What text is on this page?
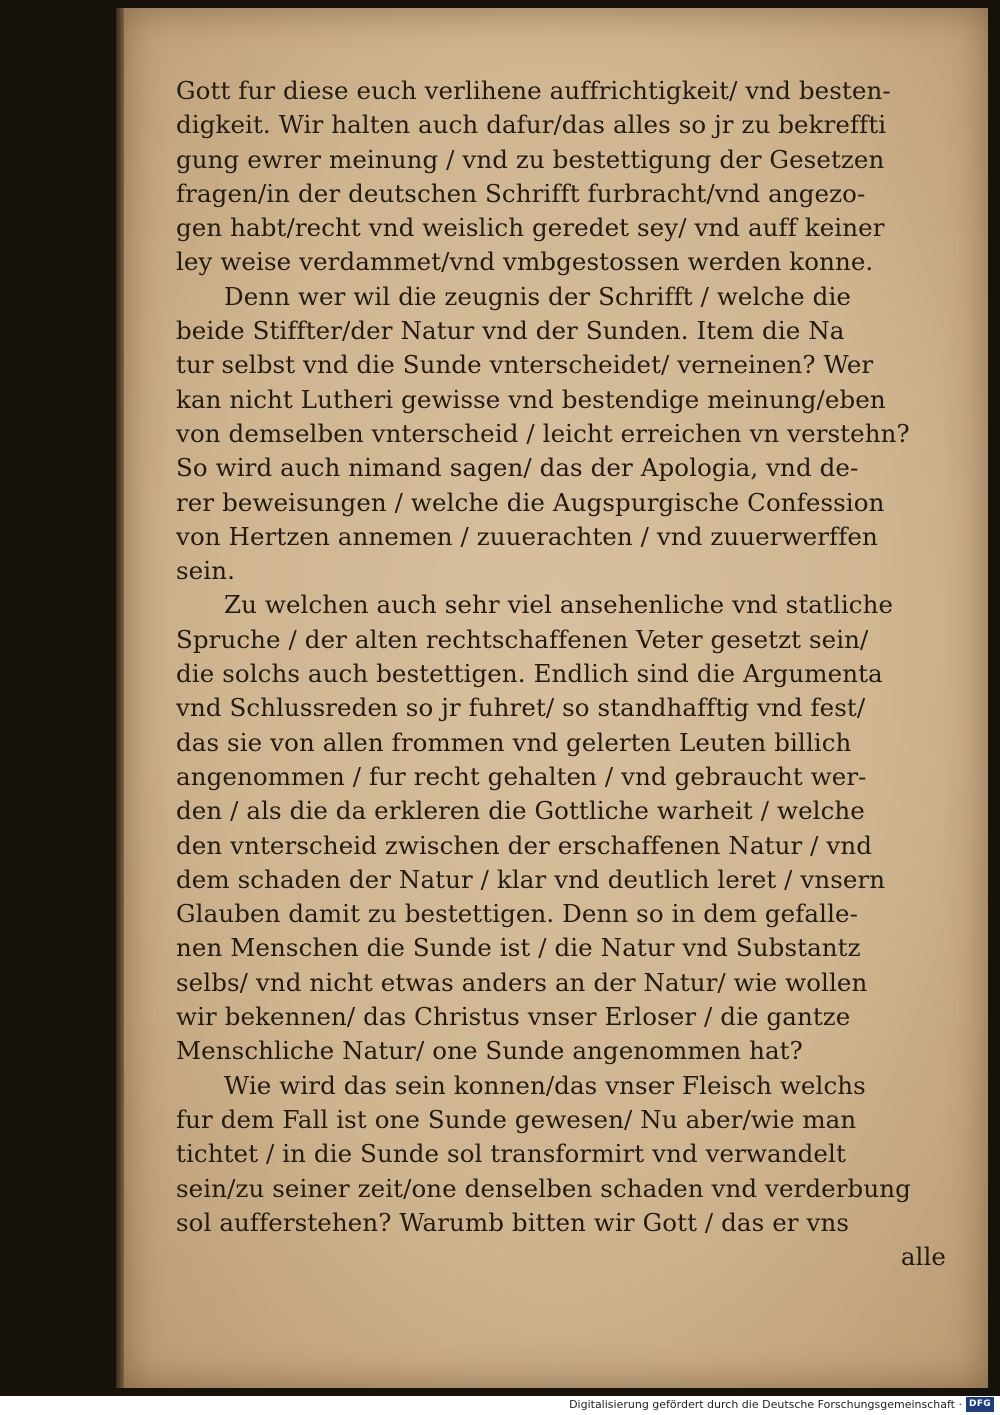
Gott fur diese euch verlihene auffrichtigkeit/ vnd besten-
digkeit. Wir halten auch dafur/das alles so jr zu bekreffti
gung ewrer meinung / vnd zu bestettigung der Gesetzen
fragen/in der deutschen Schrifft furbracht/vnd angezo-
gen habt/recht vnd weislich geredet sey/ vnd auff keiner
ley weise verdammet/vnd vmbgestossen werden konne.
Denn wer wil die zeugnis der Schrifft / welche die
beide Stiffter/der Natur vnd der Sunden. Item die Na
tur selbst vnd die Sunde vnterscheidet/ verneinen? Wer
kan nicht Lutheri gewisse vnd bestendige meinung/eben
von demselben vnterscheid / leicht erreichen vn verstehn?
So wird auch nimand sagen/ das der Apologia, vnd de-
rer beweisungen / welche die Augspurgische Confession
von Hertzen annemen / zuuerachten / vnd zuuerwerffen
sein.
Zu welchen auch sehr viel ansehenliche vnd statliche
Spruche / der alten rechtschaffenen Veter gesetzt sein/
die solchs auch bestettigen. Endlich sind die Argumenta
vnd Schlussreden so jr fuhret/ so standhafftig vnd fest/
das sie von allen frommen vnd gelerten Leuten billich
angenommen / fur recht gehalten / vnd gebraucht wer-
den / als die da erkleren die Gottliche warheit / welche
den vnterscheid zwischen der erschaffenen Natur / vnd
dem schaden der Natur / klar vnd deutlich leret / vnsern
Glauben damit zu bestettigen. Denn so in dem gefalle-
nen Menschen die Sunde ist / die Natur vnd Substantz
selbs/ vnd nicht etwas anders an der Natur/ wie wollen
wir bekennen/ das Christus vnser Erloser / die gantze
Menschliche Natur/ one Sunde angenommen hat?
Wie wird das sein konnen/das vnser Fleisch welchs
fur dem Fall ist one Sunde gewesen/ Nu aber/wie man
tichtet / in die Sunde sol transformirt vnd verwandelt
sein/zu seiner zeit/one denselben schaden vnd verderbung
sol aufferstehen? Warumb bitten wir Gott / das er vns
alle
Digitalisierung gefördert durch die Deutsche Forschungsgemeinschaft · DFG
